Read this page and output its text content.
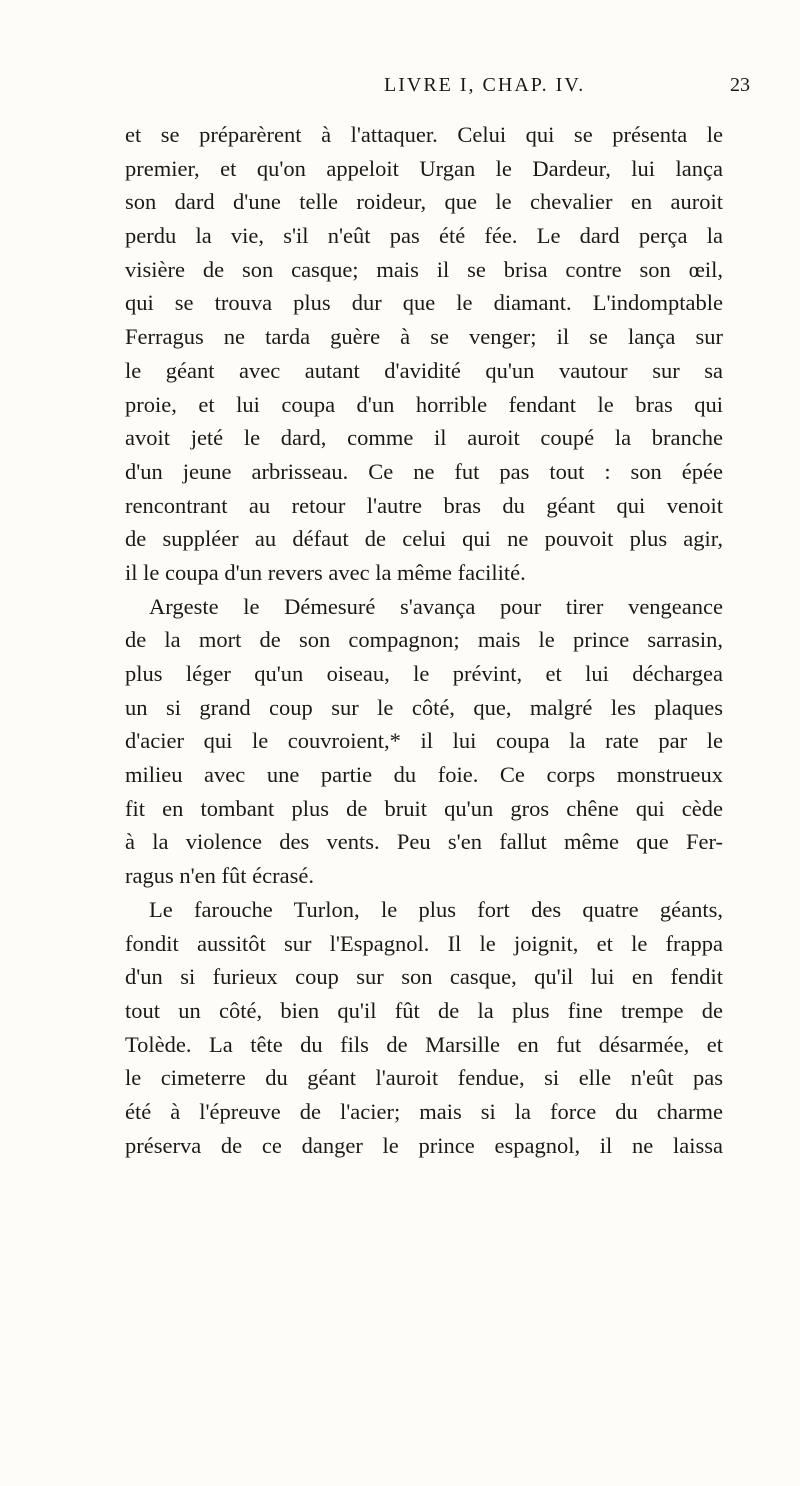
LIVRE I, CHAP. IV.	23
et se préparèrent à l'attaquer. Celui qui se présenta le
premier, et qu'on appeloit Urgan le Dardeur, lui lança
son dard d'une telle roideur, que le chevalier en auroit
perdu la vie, s'il n'eût pas été fée. Le dard perça la
visière de son casque; mais il se brisa contre son œil,
qui se trouva plus dur que le diamant. L'indomptable
Ferragus ne tarda guère à se venger; il se lança sur
le géant avec autant d'avidité qu'un vautour sur sa
proie, et lui coupa d'un horrible fendant le bras qui
avoit jeté le dard, comme il auroit coupé la branche
d'un jeune arbrisseau. Ce ne fut pas tout : son épée
rencontrant au retour l'autre bras du géant qui venoit
de suppléer au défaut de celui qui ne pouvoit plus agir,
il le coupa d'un revers avec la même facilité.
Argeste le Démesuré s'avança pour tirer vengeance
de la mort de son compagnon; mais le prince sarrasin,
plus léger qu'un oiseau, le prévint, et lui déchargea
un si grand coup sur le côté, que, malgré les plaques
d'acier qui le couvroient,* il lui coupa la rate par le
milieu avec une partie du foie. Ce corps monstrueux
fit en tombant plus de bruit qu'un gros chêne qui cède
à la violence des vents. Peu s'en fallut même que Fer-
ragus n'en fût écrasé.
Le farouche Turlon, le plus fort des quatre géants,
fondit aussitôt sur l'Espagnol. Il le joignit, et le frappa
d'un si furieux coup sur son casque, qu'il lui en fendit
tout un côté, bien qu'il fût de la plus fine trempe de
Tolède. La tête du fils de Marsille en fut désarmée, et
le cimeterre du géant l'auroit fendue, si elle n'eût pas
été à l'épreuve de l'acier; mais si la force du charme
préserva de ce danger le prince espagnol, il ne laissa
